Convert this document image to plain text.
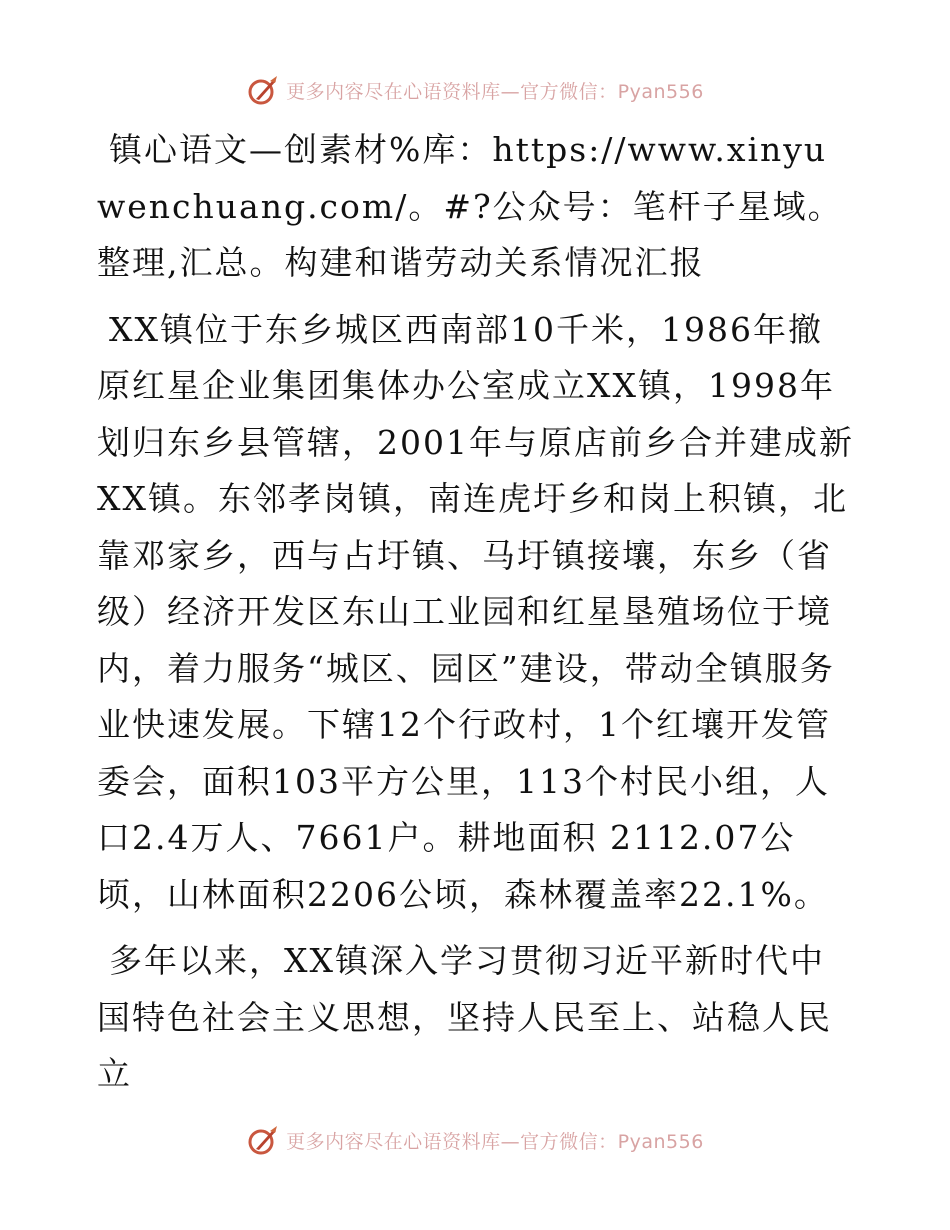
更多内容尽在心语资料库—官方微信：Pyan556

镇心语文—创素材%库：https://www.xinyuwenchuang.com/。#?公众号：笔杆子星域。整理,汇总。构建和谐劳动关系情况汇报

XX镇位于东乡城区西南部10千米，1986年撤原红星企业集团集体办公室成立XX镇，1998年划归东乡县管辖，2001年与原店前乡合并建成新XX镇。东邻孝岗镇，南连虎圩乡和岗上积镇，北靠邓家乡，西与占圩镇、马圩镇接壤，东乡（省级）经济开发区东山工业园和红星垦殖场位于境内，着力服务“城区、园区”建设，带动全镇服务业快速发展。下辖12个行政村，1个红壤开发管委会，面积103平方公里，113个村民小组，人口2.4万人、7661户。耕地面积 2112.07公顷，山林面积2206公顷，森林覆盖率22.1%。

多年以来，XX镇深入学习贯彻习近平新时代中国特色社会主义思想，坚持人民至上、站稳人民立

更多内容尽在心语资料库—官方微信：Pyan556
